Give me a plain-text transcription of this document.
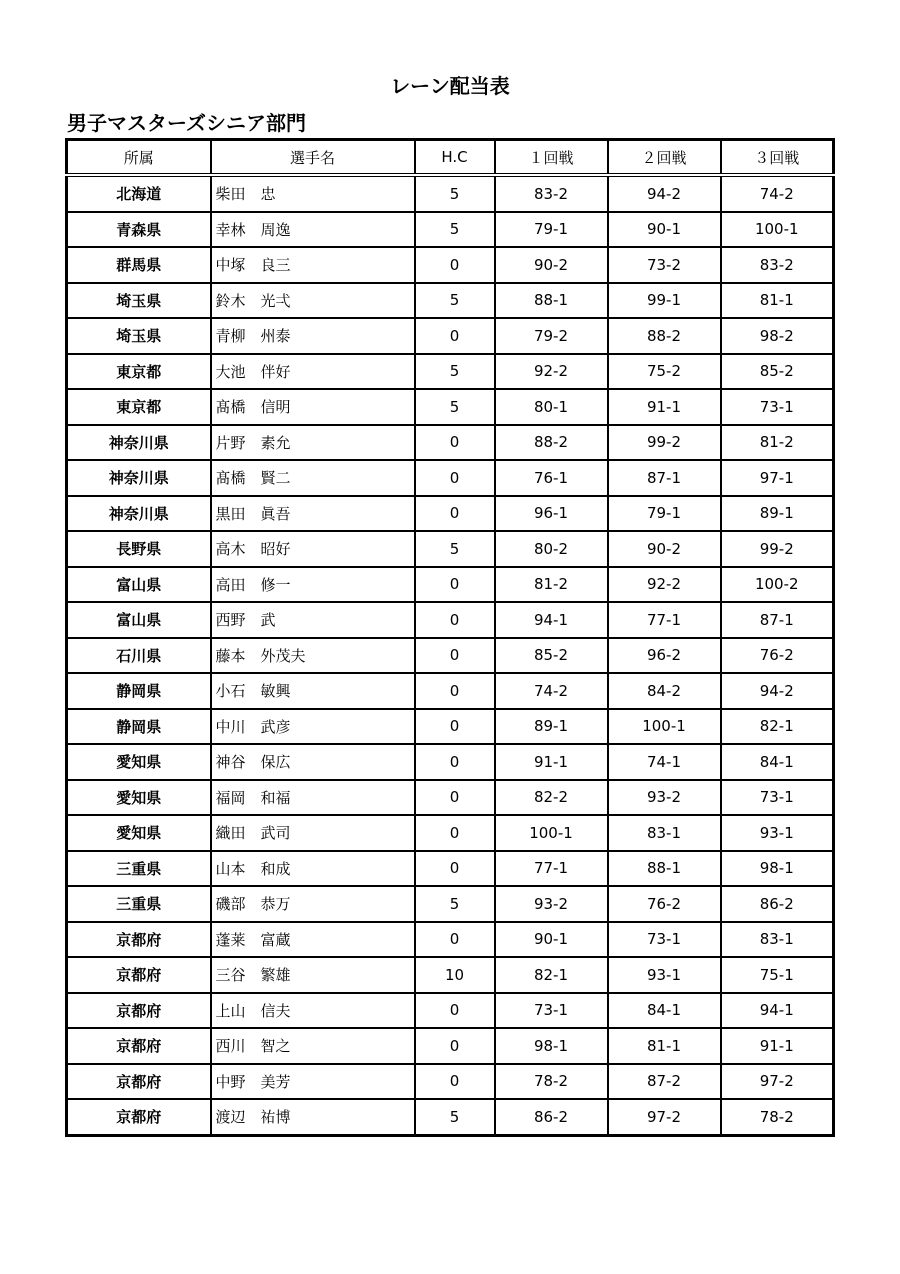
レーン配当表
男子マスターズシニア部門
所属	選手名	H.C	１回戦	２回戦	３回戦
北海道	柴田　忠	5	83-2	94-2	74-2
青森県	幸林　周逸	5	79-1	90-1	100-1
群馬県	中塚　良三	0	90-2	73-2	83-2
埼玉県	鈴木　光弌	5	88-1	99-1	81-1
埼玉県	青柳　州泰	0	79-2	88-2	98-2
東京都	大池　伴好	5	92-2	75-2	85-2
東京都	髙橋　信明	5	80-1	91-1	73-1
神奈川県	片野　素允	0	88-2	99-2	81-2
神奈川県	髙橋　賢二	0	76-1	87-1	97-1
神奈川県	黒田　眞吾	0	96-1	79-1	89-1
長野県	高木　昭好	5	80-2	90-2	99-2
富山県	高田　修一	0	81-2	92-2	100-2
富山県	西野　武	0	94-1	77-1	87-1
石川県	藤本　外茂夫	0	85-2	96-2	76-2
静岡県	小石　敏興	0	74-2	84-2	94-2
静岡県	中川　武彦	0	89-1	100-1	82-1
愛知県	神谷　保広	0	91-1	74-1	84-1
愛知県	福岡　和福	0	82-2	93-2	73-1
愛知県	織田　武司	0	100-1	83-1	93-1
三重県	山本　和成	0	77-1	88-1	98-1
三重県	磯部　恭万	5	93-2	76-2	86-2
京都府	蓬莱　富蔵	0	90-1	73-1	83-1
京都府	三谷　繁雄	10	82-1	93-1	75-1
京都府	上山　信夫	0	73-1	84-1	94-1
京都府	西川　智之	0	98-1	81-1	91-1
京都府	中野　美芳	0	78-2	87-2	97-2
京都府	渡辺　祐博	5	86-2	97-2	78-2
